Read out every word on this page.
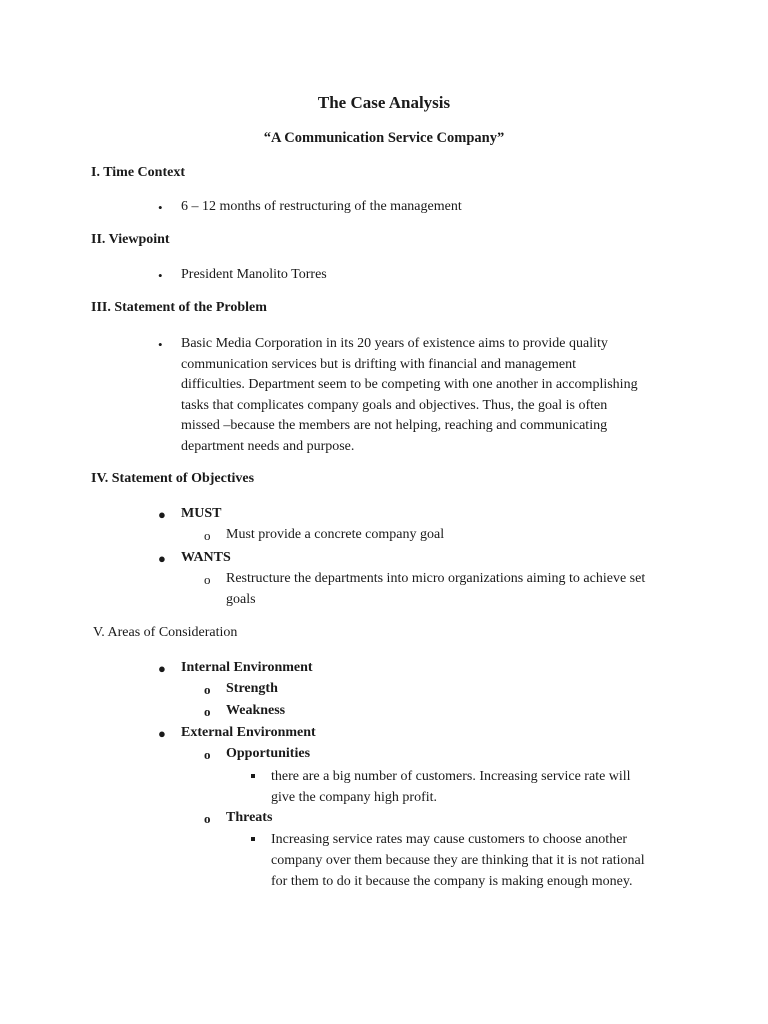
The Case Analysis
“A Communication Service Company”
I. Time Context
• 6 – 12 months of restructuring of the management
II. Viewpoint
• President Manolito Torres
III. Statement of the Problem
• Basic Media Corporation in its 20 years of existence aims to provide quality
communication services but is drifting with financial and management
difficulties. Department seem to be competing with one another in accomplishing
tasks that complicates company goals and objectives. Thus, the goal is often
missed –because the members are not helping, reaching and communicating
department needs and purpose.
IV. Statement of Objectives
● MUST
o Must provide a concrete company goal
● WANTS
o Restructure the departments into micro organizations aiming to achieve set
goals
V. Areas of Consideration
● Internal Environment
o Strength
o Weakness
● External Environment
o Opportunities
there are a big number of customers. Increasing service rate will
give the company high profit.
o Threats
Increasing service rates may cause customers to choose another
company over them because they are thinking that it is not rational
for them to do it because the company is making enough money.
